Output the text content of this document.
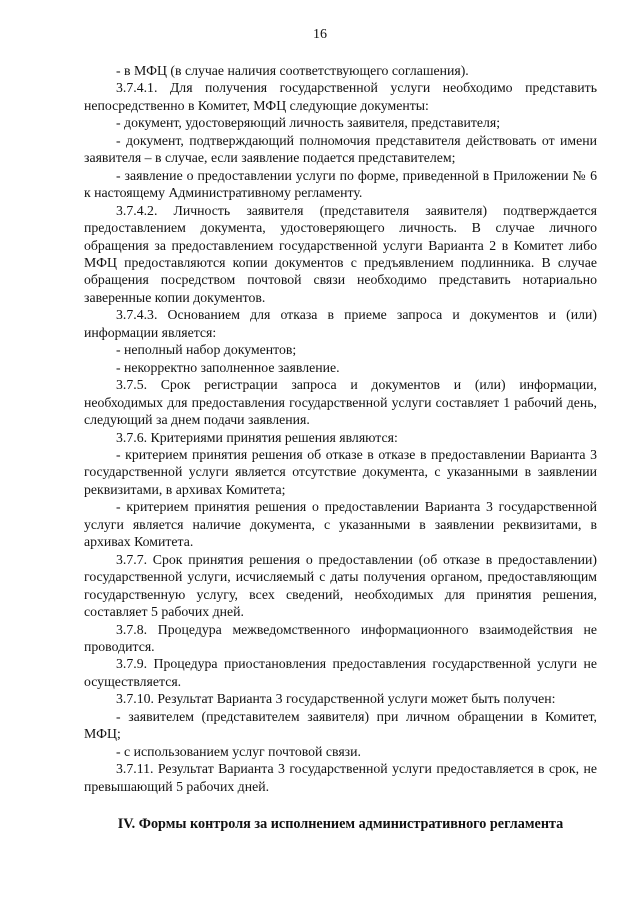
16

- в МФЦ (в случае наличия соответствующего соглашения).

3.7.4.1. Для получения государственной услуги необходимо представить непосредственно в Комитет, МФЦ следующие документы:

- документ, удостоверяющий личность заявителя, представителя;

- документ, подтверждающий полномочия представителя действовать от имени заявителя – в случае, если заявление подается представителем;

- заявление о предоставлении услуги по форме, приведенной в Приложении № 6 к настоящему Административному регламенту.

3.7.4.2. Личность заявителя (представителя заявителя) подтверждается предоставлением документа, удостоверяющего личность. В случае личного обращения за предоставлением государственной услуги Варианта 2 в Комитет либо МФЦ предоставляются копии документов с предъявлением подлинника. В случае обращения посредством почтовой связи необходимо представить нотариально заверенные копии документов.

3.7.4.3. Основанием для отказа в приеме запроса и документов и (или) информации является:

- неполный набор документов;

- некорректно заполненное заявление.

3.7.5. Срок регистрации запроса и документов и (или) информации, необходимых для предоставления государственной услуги составляет 1 рабочий день, следующий за днем подачи заявления.

3.7.6. Критериями принятия решения являются:

- критерием принятия решения об отказе в отказе в предоставлении Варианта 3 государственной услуги является отсутствие документа, с указанными в заявлении реквизитами, в архивах Комитета;

- критерием принятия решения о предоставлении Варианта 3 государственной услуги является наличие документа, с указанными в заявлении реквизитами, в архивах Комитета.

3.7.7. Срок принятия решения о предоставлении (об отказе в предоставлении) государственной услуги, исчисляемый с даты получения органом, предоставляющим государственную услугу, всех сведений, необходимых для принятия решения, составляет 5 рабочих дней.

3.7.8. Процедура межведомственного информационного взаимодействия не проводится.

3.7.9. Процедура приостановления предоставления государственной услуги не осуществляется.

3.7.10. Результат Варианта 3 государственной услуги может быть получен:

- заявителем (представителем заявителя) при личном обращении в Комитет, МФЦ;

- с использованием услуг почтовой связи.

3.7.11. Результат Варианта 3 государственной услуги предоставляется в срок, не превышающий 5 рабочих дней.

IV. Формы контроля за исполнением административного регламента
